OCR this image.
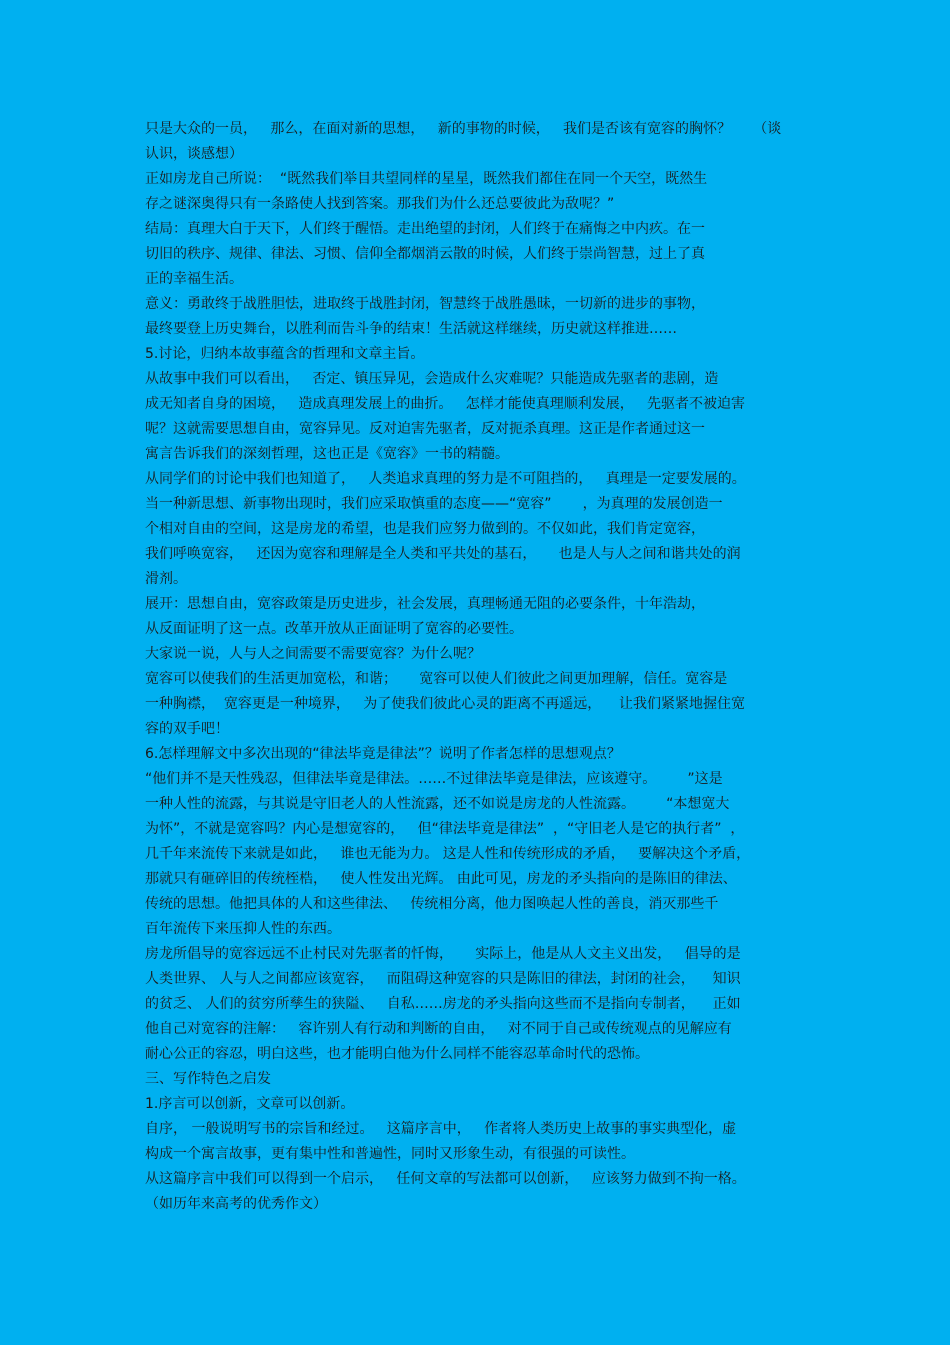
只是大众的一员，   那么，在面对新的思想，   新的事物的时候，   我们是否该有宽容的胸怀？     （谈
认识，谈感想）
正如房龙自己所说：  “既然我们举目共望同样的星星，既然我们都住在同一个天空，既然生
存之谜深奥得只有一条路使人找到答案。那我们为什么还总要彼此为敌呢？”
结局：真理大白于天下，人们终于醒悟。走出绝望的封闭，人们终于在痛悔之中内疚。在一
切旧的秩序、规律、律法、习惯、信仰全都烟消云散的时候，人们终于崇尚智慧，过上了真
正的幸福生活。
意义：勇敢终于战胜胆怯，进取终于战胜封闭，智慧终于战胜愚昧，一切新的进步的事物，
最终要登上历史舞台，以胜利而告斗争的结束！生活就这样继续，历史就这样推进……
5.讨论，归纳本故事蕴含的哲理和文章主旨。
从故事中我们可以看出，   否定、镇压异见，会造成什么灾难呢？只能造成先驱者的悲剧，造
成无知者自身的困境，   造成真理发展上的曲折。   怎样才能使真理顺利发展，   先驱者不被迫害
呢？这就需要思想自由，宽容异见。反对迫害先驱者，反对扼杀真理。这正是作者通过这一
寓言告诉我们的深刻哲理，这也正是《宽容》一书的精髓。
从同学们的讨论中我们也知道了，   人类追求真理的努力是不可阻挡的，   真理是一定要发展的。
当一种新思想、新事物出现时，我们应采取慎重的态度——“宽容”       ，为真理的发展创造一
个相对自由的空间，这是房龙的希望，也是我们应努力做到的。不仅如此，我们肯定宽容，
我们呼唤宽容，   还因为宽容和理解是全人类和平共处的基石，     也是人与人之间和谐共处的润
滑剂。
展开：思想自由，宽容政策是历史进步，社会发展，真理畅通无阻的必要条件，十年浩劫，
从反面证明了这一点。改革开放从正面证明了宽容的必要性。
大家说一说，人与人之间需要不需要宽容？为什么呢？
宽容可以使我们的生活更加宽松，和谐；     宽容可以使人们彼此之间更加理解，信任。宽容是
一种胸襟，  宽容更是一种境界，   为了使我们彼此心灵的距离不再遥远，    让我们紧紧地握住宽
容的双手吧！
6.怎样理解文中多次出现的“律法毕竟是律法”？说明了作者怎样的思想观点？
“他们并不是天性残忍，但律法毕竟是律法。……不过律法毕竟是律法，应该遵守。       ”这是
一种人性的流露，与其说是守旧老人的人性流露，还不如说是房龙的人性流露。       “本想宽大
为怀”，不就是宽容吗？内心是想宽容的，   但“律法毕竟是律法”  ，“守旧老人是它的执行者”  ，
几千年来流传下来就是如此，   谁也无能为力。 这是人性和传统形成的矛盾，   要解决这个矛盾，
那就只有砸碎旧的传统桎梏，   使人性发出光辉。 由此可见，房龙的矛头指向的是陈旧的律法、
传统的思想。他把具体的人和这些律法、   传统相分离，他力图唤起人性的善良，消灭那些千
百年流传下来压抑人性的东西。
房龙所倡导的宽容远远不止村民对先驱者的忏悔，     实际上，他是从人文主义出发，   倡导的是
人类世界、 人与人之间都应该宽容，   而阻碍这种宽容的只是陈旧的律法，封闭的社会，    知识
的贫乏、 人们的贫穷所孳生的狭隘、   自私……房龙的矛头指向这些而不是指向专制者，    正如
他自己对宽容的注解：   容许别人有行动和判断的自由，   对不同于自己或传统观点的见解应有
耐心公正的容忍，明白这些，也才能明白他为什么同样不能容忍革命时代的恐怖。
三、写作特色之启发
1.序言可以创新，文章可以创新。
自序， 一般说明写书的宗旨和经过。   这篇序言中，   作者将人类历史上故事的事实典型化，虚
构成一个寓言故事，更有集中性和普遍性，同时又形象生动，有很强的可读性。
从这篇序言中我们可以得到一个启示，   任何文章的写法都可以创新，   应该努力做到不拘一格。
（如历年来高考的优秀作文）
